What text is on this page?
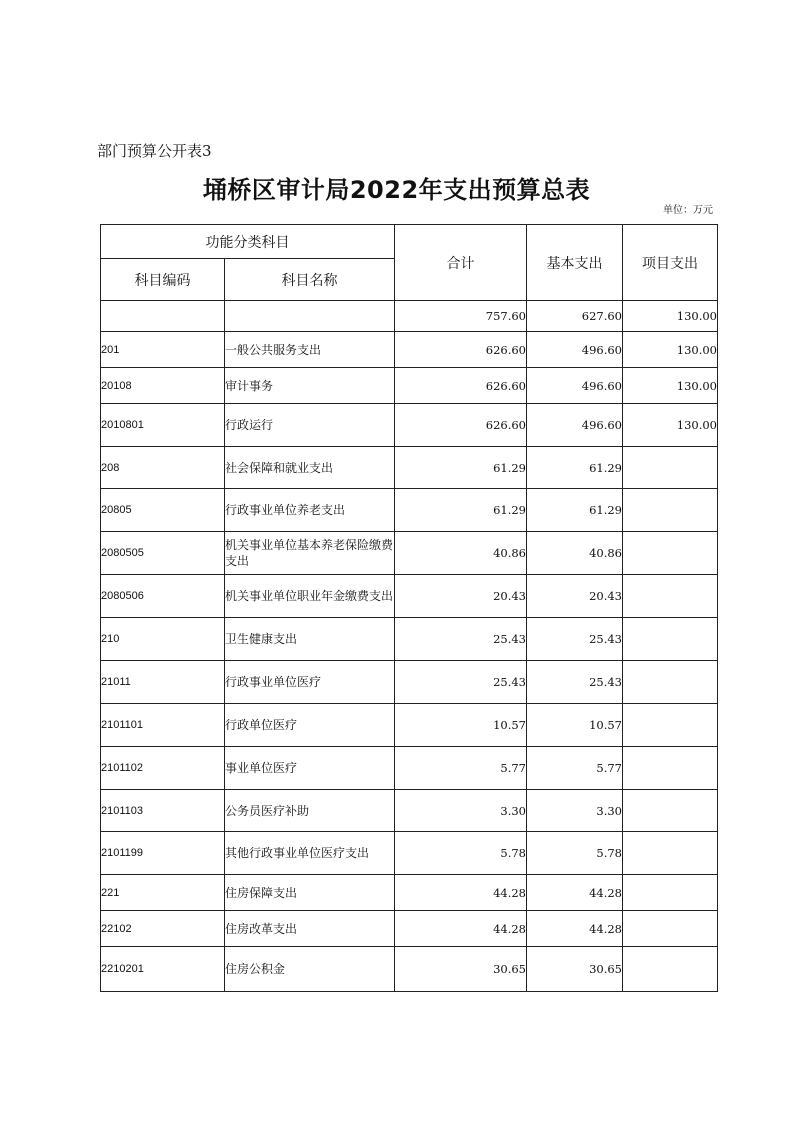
部门预算公开表3
埇桥区审计局2022年支出预算总表
单位：万元
功能分类科目		合计	基本支出	项目支出
科目编码	科目名称			
		757.60	627.60	130.00
201	一般公共服务支出	626.60	496.60	130.00
20108	审计事务	626.60	496.60	130.00
2010801	行政运行	626.60	496.60	130.00
208	社会保障和就业支出	61.29	61.29	
20805	行政事业单位养老支出	61.29	61.29	
2080505	机关事业单位基本养老保险缴费支出	40.86	40.86	
2080506	机关事业单位职业年金缴费支出	20.43	20.43	
210	卫生健康支出	25.43	25.43	
21011	行政事业单位医疗	25.43	25.43	
2101101	行政单位医疗	10.57	10.57	
2101102	事业单位医疗	5.77	5.77	
2101103	公务员医疗补助	3.30	3.30	
2101199	其他行政事业单位医疗支出	5.78	5.78	
221	住房保障支出	44.28	44.28	
22102	住房改革支出	44.28	44.28	
2210201	住房公积金	30.65	30.65	
